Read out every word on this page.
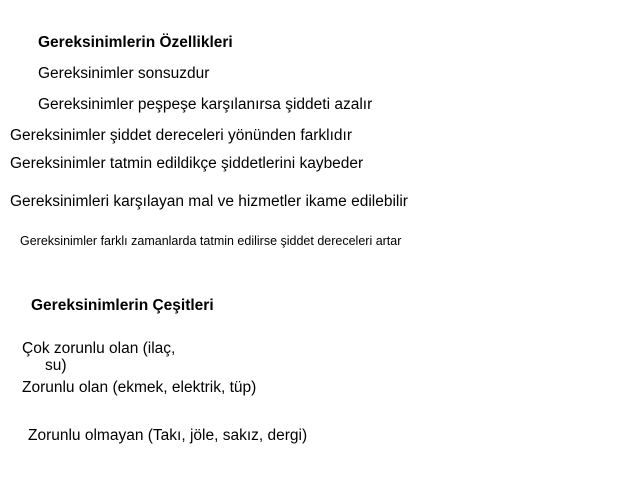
Gereksinimlerin Özellikleri
Gereksinimler sonsuzdur
Gereksinimler peşpeşe karşılanırsa şiddeti azalır
Gereksinimler şiddet dereceleri yönünden farklıdır
Gereksinimler tatmin edildikçe şiddetlerini kaybeder
Gereksinimleri karşılayan mal ve hizmetler ikame edilebilir
Gereksinimler farklı zamanlarda tatmin edilirse şiddet dereceleri artar
Gereksinimlerin Çeşitleri
Çok zorunlu olan (ilaç,
su)
Zorunlu olan (ekmek, elektrik, tüp)
Zorunlu olmayan (Takı, jöle, sakız, dergi)
